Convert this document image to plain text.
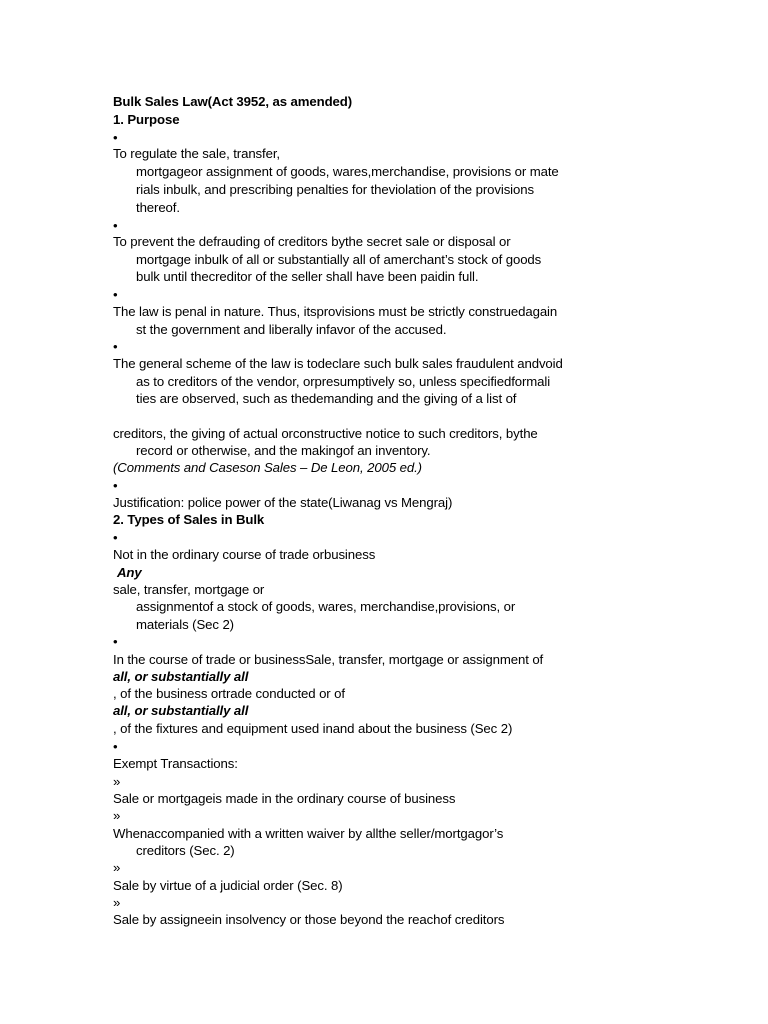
Bulk Sales Law(Act 3952, as amended)
1. Purpose
•
To regulate the sale, transfer,
mortgageor assignment of goods, wares,merchandise, provisions or mate
rials inbulk, and prescribing penalties for theviolation of the provisions
thereof.
•
To prevent the defrauding of creditors bythe secret sale or disposal or
mortgage inbulk of all or substantially all of amerchant’s stock of goods
bulk until thecreditor of the seller shall have been paidin full.
•
The law is penal in nature. Thus, itsprovisions must be strictly construedagain
st the government and liberally infavor of the accused.
•
The general scheme of the law is todeclare such bulk sales fraudulent andvoid
as to creditors of the vendor, orpresumptively so, unless specifiedformali
ties are observed, such as thedemanding and the giving of a list of
creditors, the giving of actual orconstructive notice to such creditors, bythe
record or otherwise, and the makingof an inventory.
(Comments and Caseson Sales – De Leon, 2005 ed.)
•
Justification: police power of the state(Liwanag vs Mengraj)
2. Types of Sales in Bulk
•
Not in the ordinary course of trade orbusiness
Any
sale, transfer, mortgage or
assignmentof a stock of goods, wares, merchandise,provisions, or
materials (Sec 2)
•
In the course of trade or businessSale, transfer, mortgage or assignment of
all, or substantially all
, of the business ortrade conducted or of
all, or substantially all
, of the fixtures and equipment used inand about the business (Sec 2)
•
Exempt Transactions:
»
Sale or mortgageis made in the ordinary course of business
»
Whenaccompanied with a written waiver by allthe seller/mortgagor’s
creditors (Sec. 2)
»
Sale by virtue of a judicial order (Sec. 8)
»
Sale by assigneein insolvency or those beyond the reachof creditors
